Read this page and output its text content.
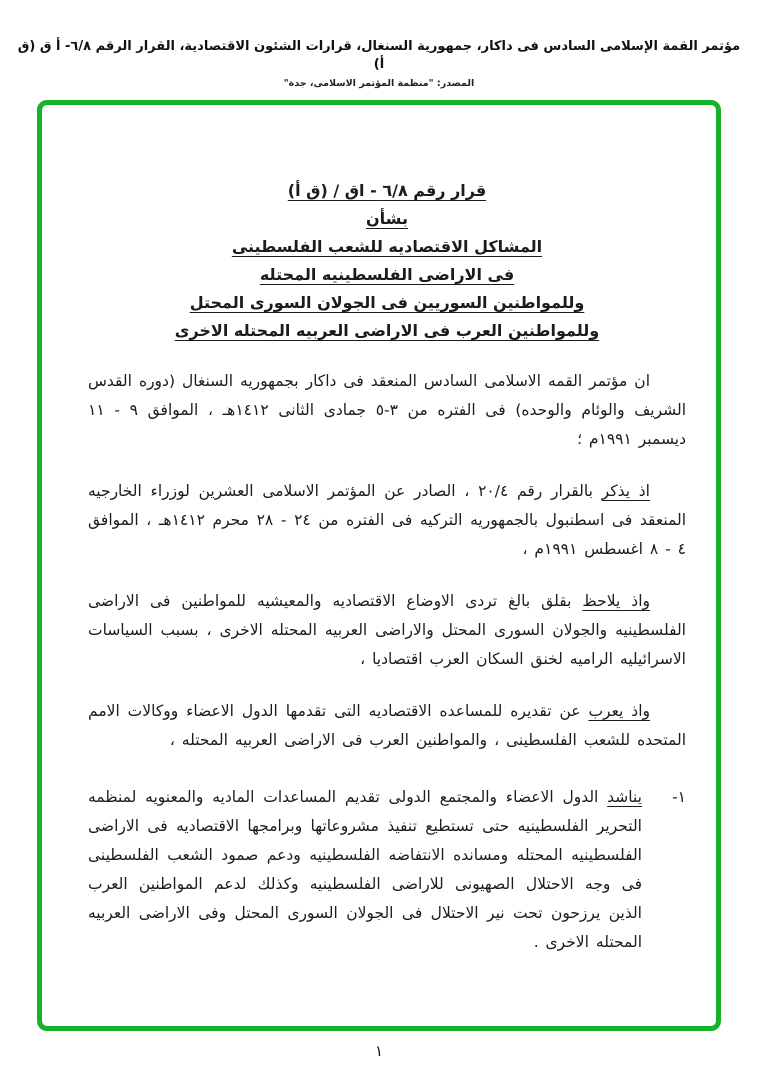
مؤتمر القمة الإسلامى السادس فى داكار، جمهورية السنغال، قرارات الشئون الاقتصادية، القرار الرقم ٦/٨- أ ق (ق أ)
المصدر: "منظمة المؤتمر الاسلامى، جدة"
قرار رقم ٦/٨ - اق / (ق أ)
بشأن
المشاكل الاقتصاديه للشعب الفلسطينى
فى الاراضى الفلسطينيه المحتله
وللمواطنين السوريين فى الجولان السورى المحتل
وللمواطنين العرب فى الاراضى العربيه المحتله الاخرى

ان مؤتمر القمه الاسلامى السادس المنعقد فى داكار بجمهوريه السنغال (دوره القدس الشريف والوئام والوحده) فى الفتره من ٣-٥ جمادى الثانى ١٤١٢هـ ، الموافق ٩ - ١١ ديسمبر ١٩٩١م ؛

اذ يذكر بالقرار رقم ٢٠/٤ ، الصادر عن المؤتمر الاسلامى العشرين لوزراء الخارجيه المنعقد فى اسطنبول بالجمهوريه التركيه فى الفتره من ٢٤ - ٢٨ محرم ١٤١٢هـ ، الموافق ٤ - ٨ اغسطس ١٩٩١م ،

واذ يلاحظ بقلق بالغ تردى الاوضاع الاقتصاديه والمعيشيه للمواطنين فى الاراضى الفلسطينيه والجولان السورى المحتل والاراضى العربيه المحتله الاخرى ، بسبب السياسات الاسرائيليه الراميه لخنق السكان العرب اقتصاديا ،

واذ يعرب عن تقديره للمساعده الاقتصاديه التى تقدمها الدول الاعضاء ووكالات الامم المتحده للشعب الفلسطينى ، والمواطنين العرب فى الاراضى العربيه المحتله ،

١-

يناشد الدول الاعضاء والمجتمع الدولى تقديم المساعدات الماديه والمعنويه لمنظمه التحرير الفلسطينيه حتى تستطيع تنفيذ مشروعاتها وبرامجها الاقتصاديه فى الاراضى الفلسطينيه المحتله ومسانده الانتفاضه الفلسطينيه ودعم صمود الشعب الفلسطينى فى وجه الاحتلال الصهيونى للاراضى الفلسطينيه وكذلك لدعم المواطنين العرب الذين يرزحون تحت نير الاحتلال فى الجولان السورى المحتل وفى الاراضى العربيه المحتله الاخرى .

١
